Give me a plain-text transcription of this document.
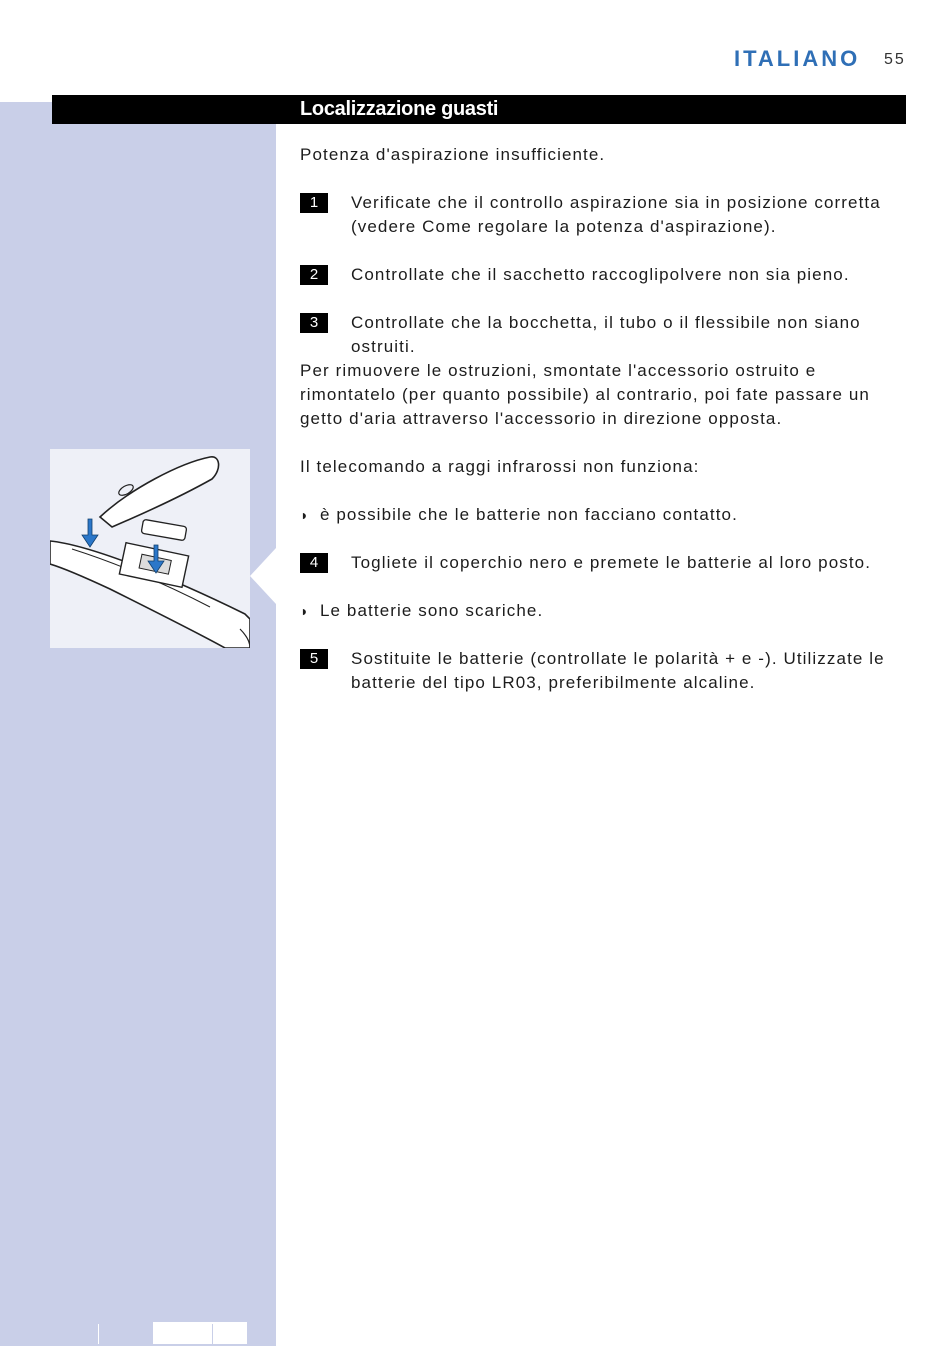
ITALIANO 55
Localizzazione guasti

Potenza d'aspirazione insufficiente.

1	Verificate che il controllo aspirazione sia in posizione corretta (vedere Come regolare la potenza d'aspirazione).
2	Controllate che il sacchetto raccoglipolvere non sia pieno.
3	Controllate che la bocchetta, il tubo o il flessibile non siano ostruiti.

Per rimuovere le ostruzioni, smontate l'accessorio ostruito e rimontatelo (per quanto possibile) al contrario, poi fate passare un getto d'aria attraverso l'accessorio in direzione opposta.

Il telecomando a raggi infrarossi non funziona:

◗ è possibile che le batterie non facciano contatto.
4	Togliete il coperchio nero e premete le batterie al loro posto.
◗ Le batterie sono scariche.
5	Sostituite le batterie (controllate le polarità + e -). Utilizzate le batterie del tipo LR03, preferibilmente alcaline.
